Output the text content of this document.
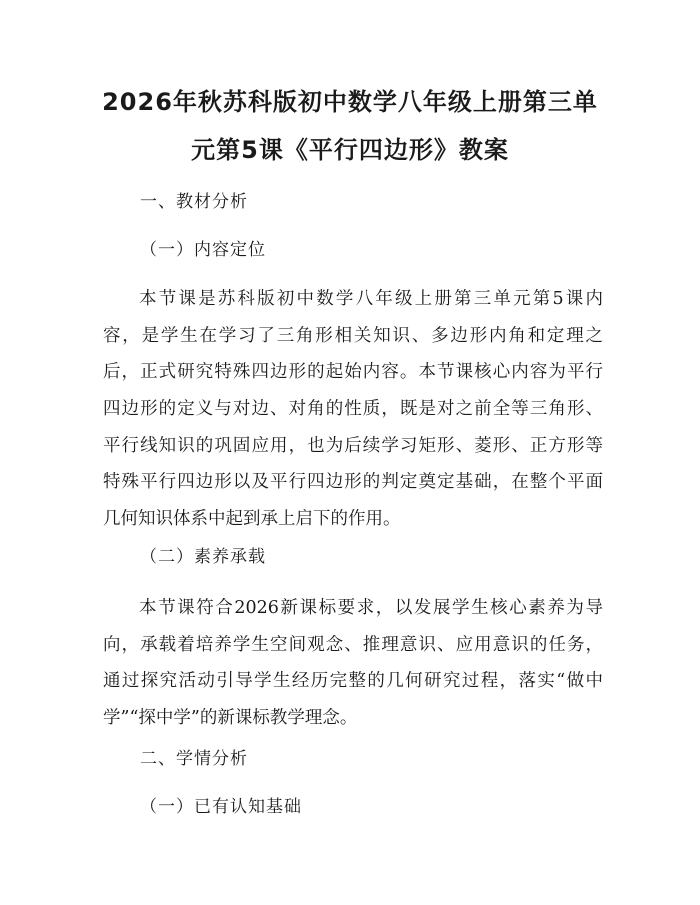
2026年秋苏科版初中数学八年级上册第三单
元第5课《平行四边形》教案
一、教材分析
（一）内容定位
本节课是苏科版初中数学八年级上册第三单元第5课内
容，是学生在学习了三角形相关知识、多边形内角和定理之
后，正式研究特殊四边形的起始内容。本节课核心内容为平行
四边形的定义与对边、对角的性质，既是对之前全等三角形、
平行线知识的巩固应用，也为后续学习矩形、菱形、正方形等
特殊平行四边形以及平行四边形的判定奠定基础，在整个平面
几何知识体系中起到承上启下的作用。
（二）素养承载
本节课符合2026新课标要求，以发展学生核心素养为导
向，承载着培养学生空间观念、推理意识、应用意识的任务，
通过探究活动引导学生经历完整的几何研究过程，落实“做中
学”“探中学”的新课标教学理念。
二、学情分析
（一）已有认知基础
